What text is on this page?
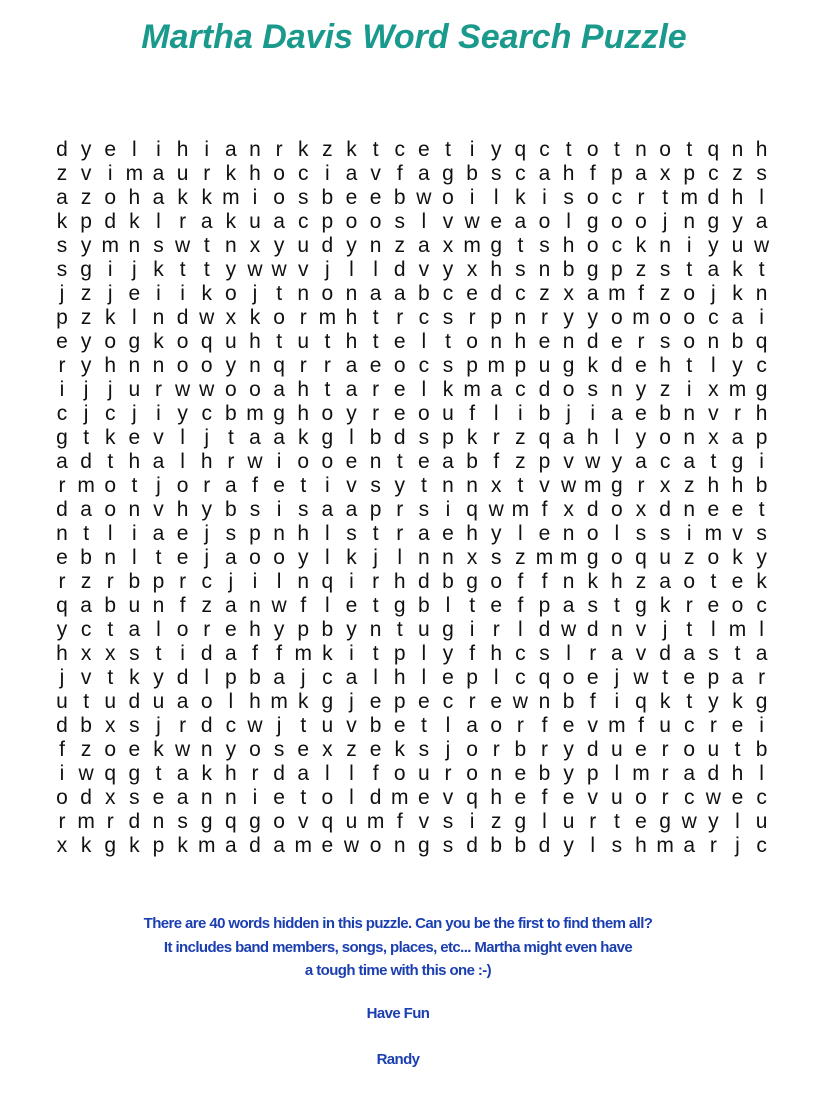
Martha Davis Word Search Puzzle
d y e l i h i a n r k z k t c e t i y q c t o t n o t q n h
z v i m a u r k h o c i a v f a g b s c a h f p a x p c z s
a z o h a k k m i o s b e e b w o i l k i s o c r t m d h l
k p d k l r a k u a c p o o s l v w e a o l g o o j n g y a
s y m n s w t n x y u d y n z a x m g t s h o c k n i y u w
s g i j k t t y w w v j l l d v y x h s n b g p z s t a k t
j z j e i i k o j t n o n a a b c e d c z x a m f z o j k n
p z k l n d w x k o r m h t r c s r p n r y y o m o o c a i
e y o g k o q u h t u t h t e l t o n h e n d e r s o n b q
r y h n n o o y n q r r a e o c s p m p u g k d e h t l y c
i j j u r w w o o a h t a r e l k m a c d o s n y z i x m g
c j c j i y c b m g h o y r e o u f l i b j i a e b n v r h
g t k e v l j t a a k g l b d s p k r z q a h l y o n x a p
a d t h a l h r w i o o e n t e a b f z p v w y a c a t g i
r m o t j o r a f e t i v s y t n n x t v w m g r x z h h b
d a o n v h y b s i s a a p r s i q w m f x d o x d n e e t
n t l i a e j s p n h l s t r a e h y l e n o l s s i m v s
e b n l t e j a o o y l k j l n n x s z m m g o q u z o k y
r z r b p r c j i l n q i r h d b g o f f n k h z a o t e k
q a b u n f z a n w f l e t g b l t e f p a s t g k r e o c
y c t a l o r e h y p b y n t u g i r l d w d n v j t l m l
h x x s t i d a f f m k i t p l y f h c s l r a v d a s t a
j v t k y d l p b a j c a l h l e p l c q o e j w t e p a r
u t u d u a o l h m k g j e p e c r e w n b f i q k t y k g
d b x s j r d c w j t u v b e t l a o r f e v m f u c r e i
f z o e k w n y o s e x z e k s j o r b r y d u e r o u t b
i w q g t a k h r d a l l f o u r o n e b y p l m r a d h l
o d x s e a n n i e t o l d m e v q h e f e v u o r c w e c
r m r d n s g q g o v q u m f v s i z g l u r t e g w y l u
x k g k p k m a d a m e w o n g s d b b d y l s h m a r j c

There are 40 words hidden in this puzzle. Can you be the first to find them all?

It includes band members, songs, places, etc... Martha might even have

a tough time with this one :-)

Have Fun

Randy
